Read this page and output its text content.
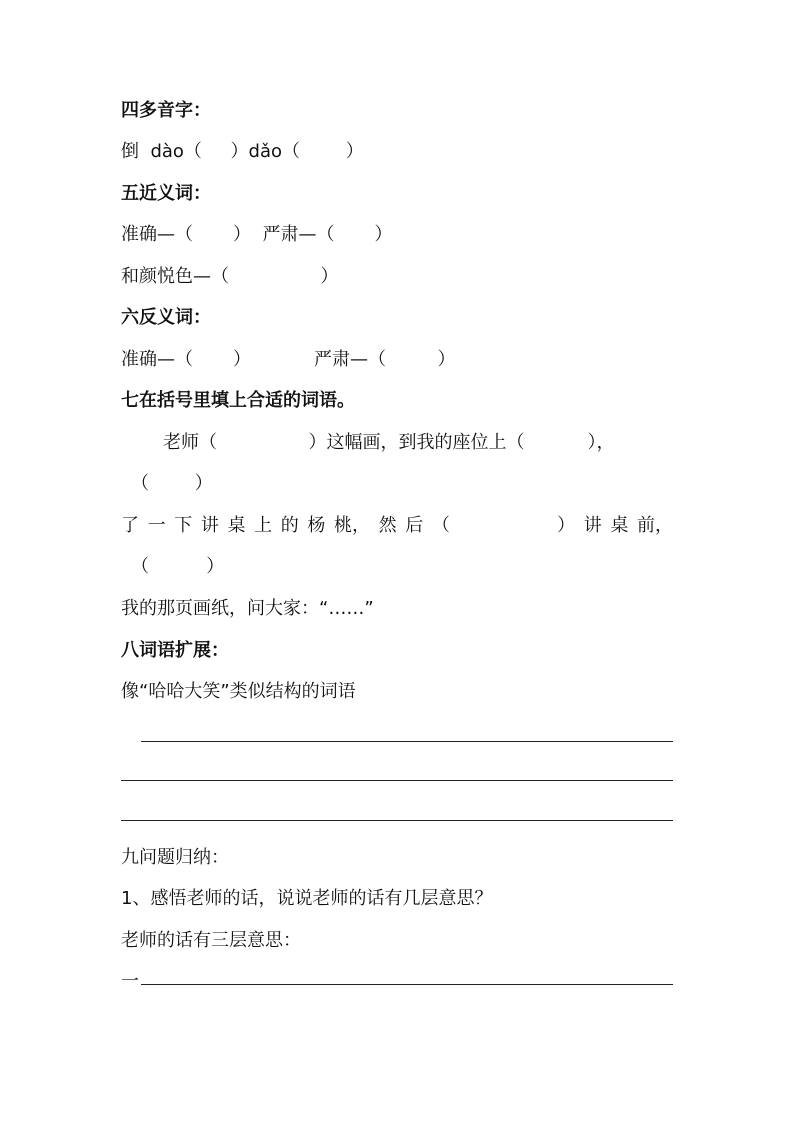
四多音字：
倒  dào（     ）dǎo（        ）
五近义词：
准确—（       ）  严肃—（       ）
和颜悦色—（                ）
六反义词：
准确—（       ）           严肃—（         ）
七在括号里填上合适的词语。
老师（                ）这幅画，到我的座位上（           ），
（        ）
了 一 下 讲 桌 上 的 杨 桃， 然 后 （	） 讲 桌 前，
（          ）
我的那页画纸，问大家：“……”
八词语扩展：
像“哈哈大笑”类似结构的词语
九问题归纳：
1、感悟老师的话，说说老师的话有几层意思？
老师的话有三层意思：
一
